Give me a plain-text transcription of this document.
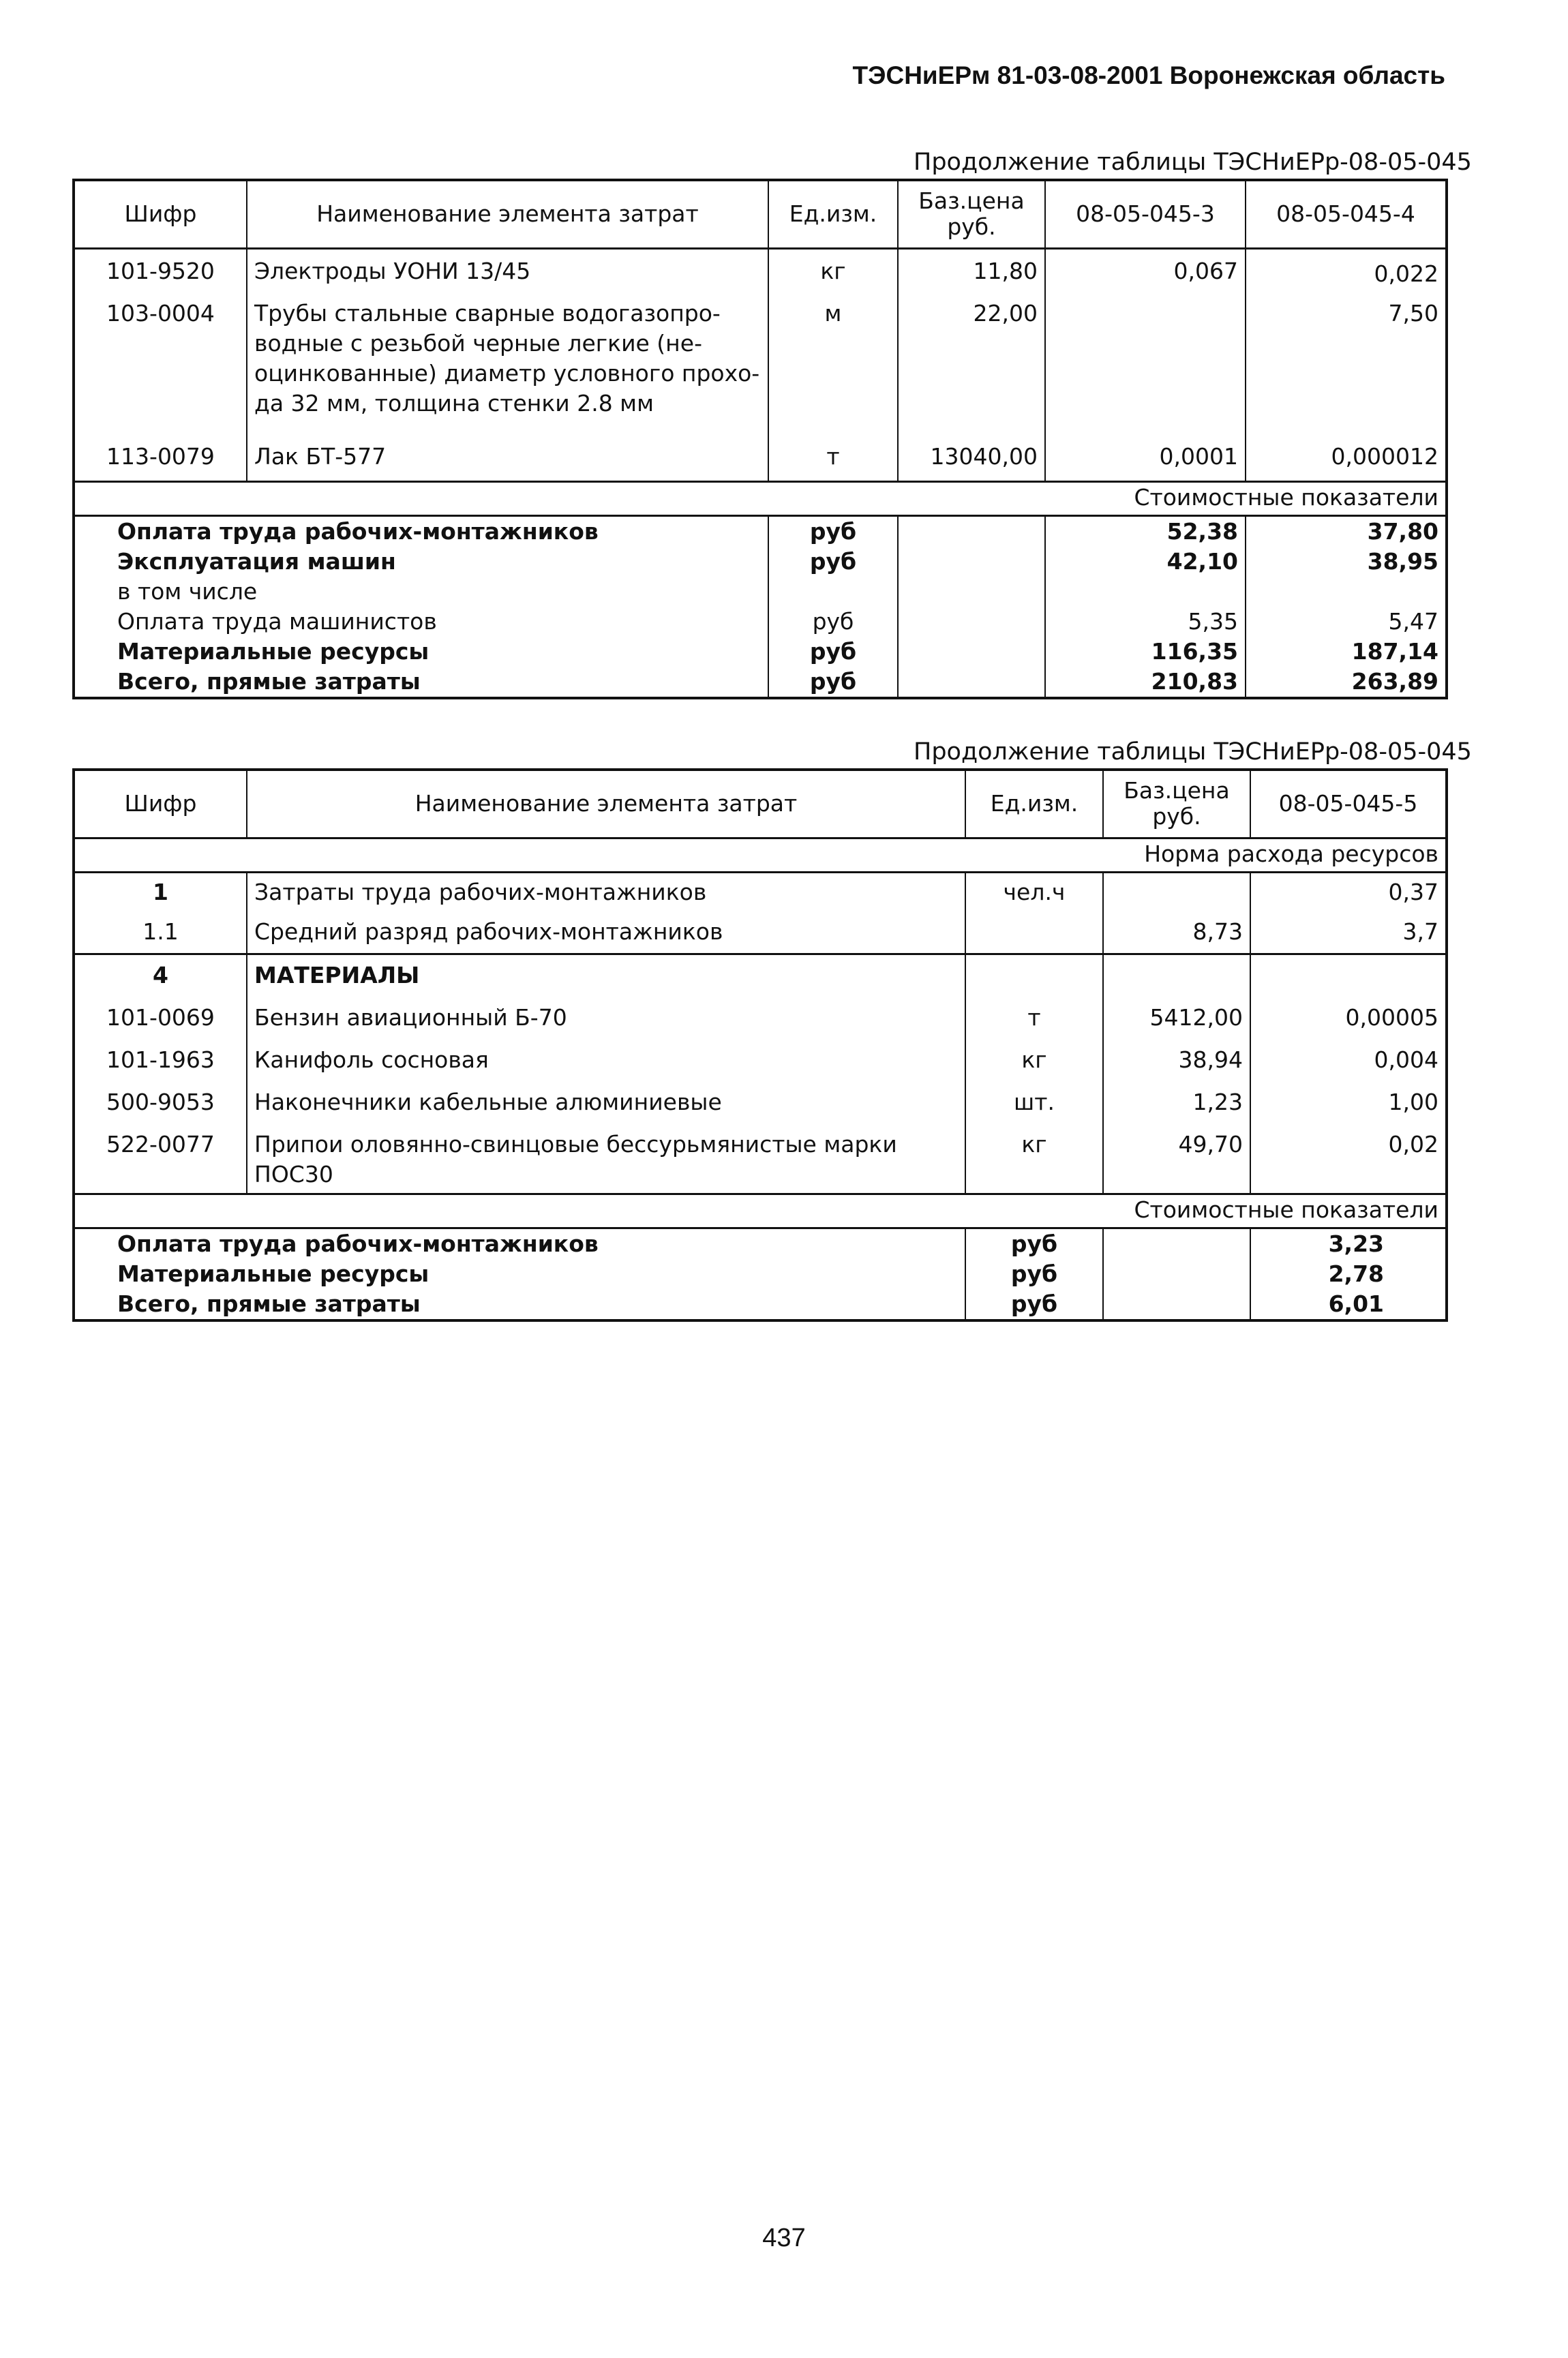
ТЭСНиЕРм 81-03-08-2001 Воронежская область
Продолжение таблицы ТЭСНиЕРр-08-05-045
Шифр	Наименование элемента затрат	Ед.изм.	Баз.цена руб.	08-05-045-3	08-05-045-4
101-9520	Электроды УОНИ 13/45	кг	11,80	0,067	0,022
103-0004	Трубы стальные сварные водогазопро- водные с резьбой черные легкие (не- оцинкованные) диаметр условного прохо- да 32 мм, толщина стенки 2.8 мм	м	22,00		7,50
113-0079	Лак БТ-577	т	13040,00	0,0001	0,000012
Стоимостные показатели					
Оплата труда рабочих-монтажников		руб		52,38	37,80
Эксплуатация машин		руб		42,10	38,95
в том числе					
Оплата труда машинистов		руб		5,35	5,47
Материальные ресурсы		руб		116,35	187,14
Всего, прямые затраты		руб		210,83	263,89
Продолжение таблицы ТЭСНиЕРр-08-05-045
Шифр	Наименование элемента затрат	Ед.изм.	Баз.цена руб.	08-05-045-5
Норма расхода ресурсов				
1	Затраты труда рабочих-монтажников	чел.ч		0,37
1.1	Средний разряд рабочих-монтажников		8,73	3,7
4	МАТЕРИАЛЫ			
101-0069	Бензин авиационный Б-70	т	5412,00	0,00005
101-1963	Канифоль сосновая	кг	38,94	0,004
500-9053	Наконечники кабельные алюминиевые	шт.	1,23	1,00
522-0077	Припои оловянно-свинцовые бессурьмянистые марки ПОС30	кг	49,70	0,02
Стоимостные показатели				
Оплата труда рабочих-монтажников		руб		3,23
Материальные ресурсы		руб		2,78
Всего, прямые затраты		руб		6,01
437
